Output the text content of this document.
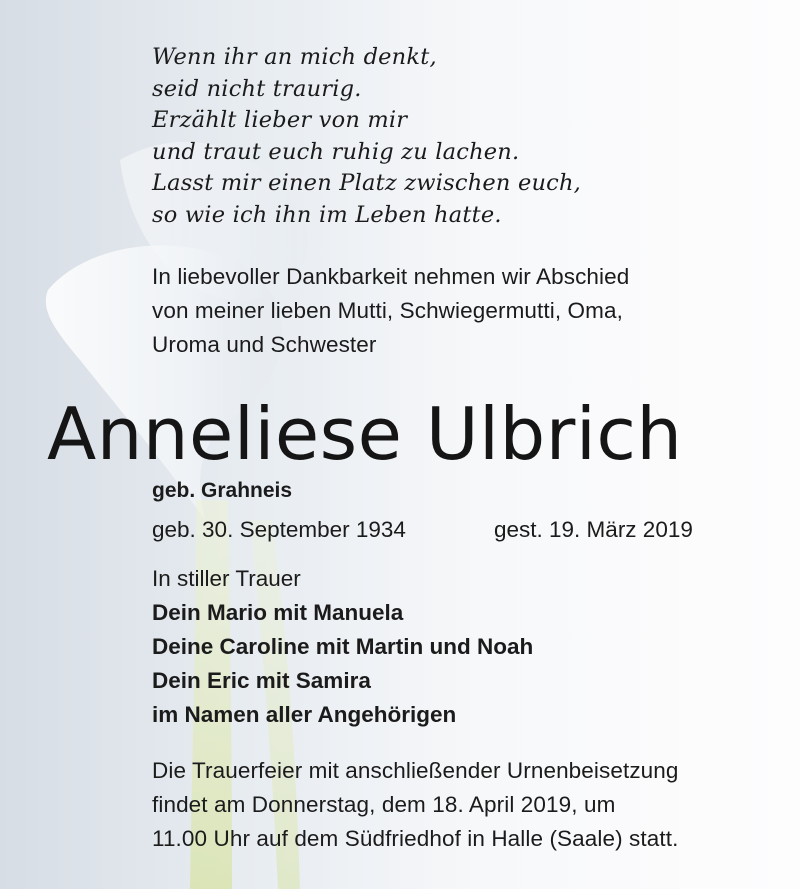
Wenn ihr an mich denkt,
seid nicht traurig.
Erzählt lieber von mir
und traut euch ruhig zu lachen.
Lasst mir einen Platz zwischen euch,
so wie ich ihn im Leben hatte.
In liebevoller Dankbarkeit nehmen wir Abschied
von meiner lieben Mutti, Schwiegermutti, Oma,
Uroma und Schwester
Anneliese Ulbrich
geb. Grahneis
geb. 30. September 1934	gest. 19. März 2019
In stiller Trauer
Dein Mario mit Manuela
Deine Caroline mit Martin und Noah
Dein Eric mit Samira
im Namen aller Angehörigen
Die Trauerfeier mit anschließender Urnenbeisetzung
findet am Donnerstag, dem 18. April 2019, um
11.00 Uhr auf dem Südfriedhof in Halle (Saale) statt.
